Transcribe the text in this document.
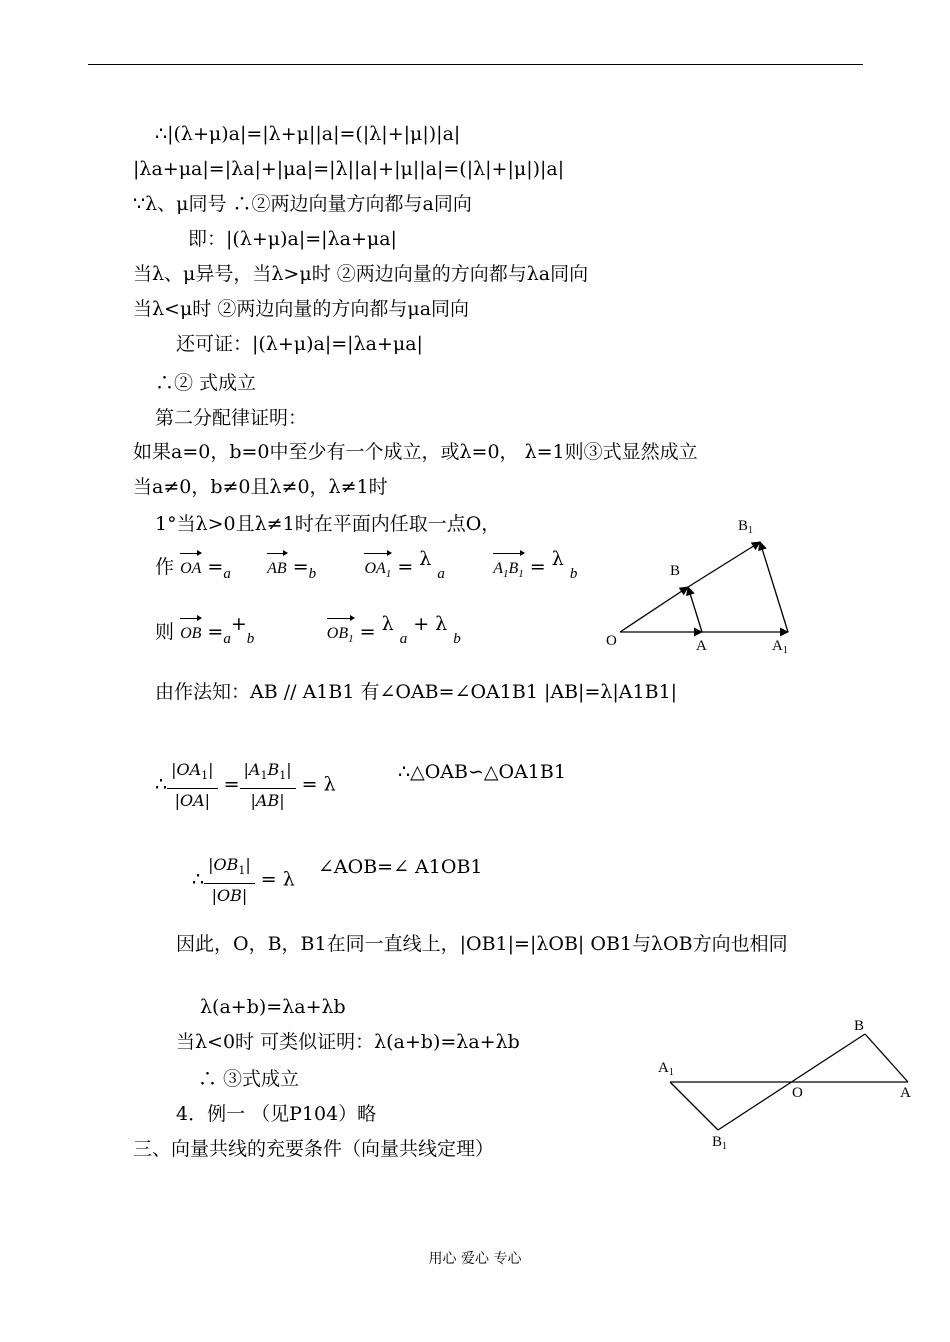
∴|(λ+μ)a|=|λ+μ||a|=(|λ|+|μ|)|a|
|λa+μa|=|λa|+|μa|=|λ||a|+|μ||a|=(|λ|+|μ|)|a|
∵λ、μ同号 ∴②两边向量方向都与a同向
即：|(λ+μ)a|=|λa+μa|
当λ、μ异号，当λ>μ时 ②两边向量的方向都与λa同向
当λ<μ时 ②两边向量的方向都与μa同向
还可证：|(λ+μ)a|=|λa+μa|
∴② 式成立
第二分配律证明：
如果a=0，b=0中至少有一个成立，或λ=0， λ=1则③式显然成立
当a≠0，b≠0且λ≠0，λ≠1时
1°当λ>0且λ≠1时在平面内任取一点O，
作 OA $=_a$ AB $=_b$	$OA_1 = \lambda$ $_a$	$A_1B_1 = \lambda$ $_b$
则 OB $=_a+_b$	$OB_1 = \lambda$ $_a$ + λ $_b$
由作法知：AB // A1B1 有∠OAB=∠OA1B1 |AB|=λ|A1B1|
∴ $\frac{|OA_1|}{|OA|} = \frac{|A_1B_1|}{|AB|} = \lambda$
∴△OAB∽△OA1B1
∴ $\frac{|OB_1|}{|OB|} = \lambda$
∠AOB=∠ A1OB1
因此，O，B，B1在同一直线上，|OB1|=|λOB| OB1与λOB方向也相同
λ(a+b)=λa+λb
当λ<0时 可类似证明：λ(a+b)=λa+λb
∴ ③式成立
4．例一 （见P104）略
三、向量共线的充要条件（向量共线定理）
O	A	$A_1$
B
$B_1$
$A_1$
O	A
B
$B_1$
用心 爱心 专心
